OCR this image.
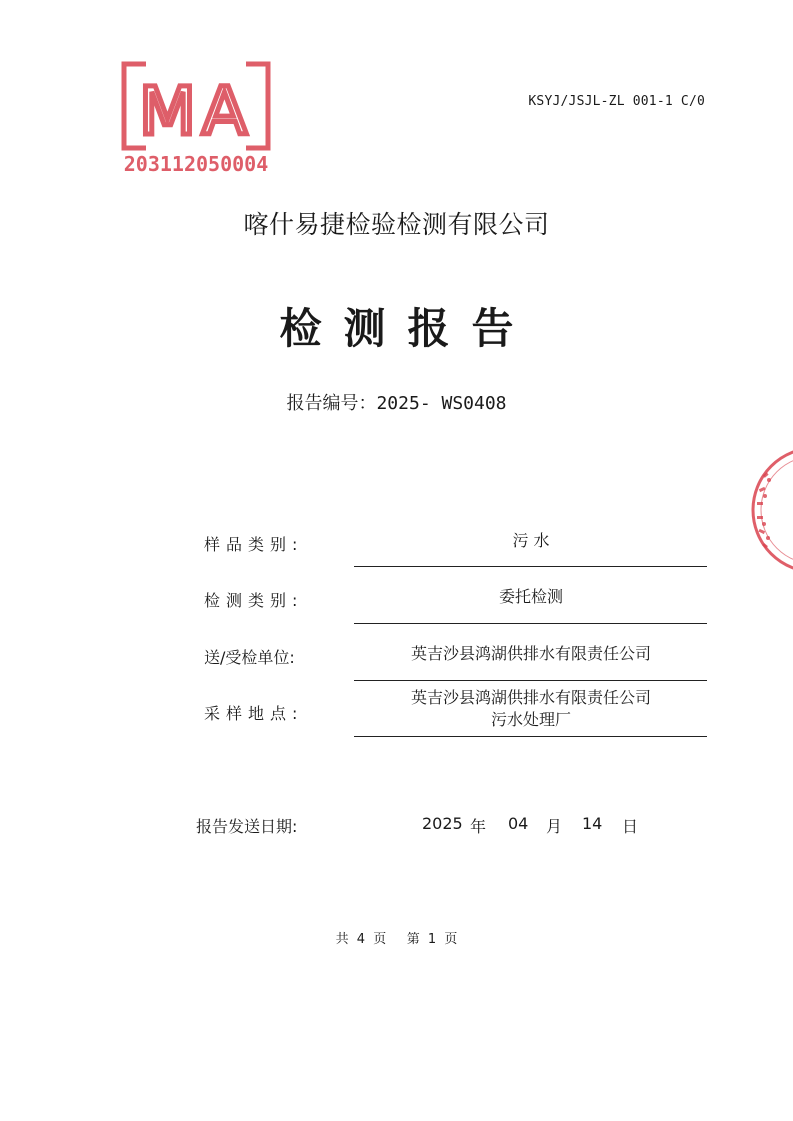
KSYJ/JSJL-ZL 001-1 C/0
MA
203112050004
喀什易捷检验检测有限公司
检测报告
报告编号：2025- WS0408
样品类别:	污 水
检测类别:	委托检测
送/受检单位:	英吉沙县鸿湖供排水有限责任公司
采样地点:
英吉沙县鸿湖供排水有限责任公司
污水处理厂
报告发送日期:	2025 年 04 月 14 日
共 4 页 第 1 页
